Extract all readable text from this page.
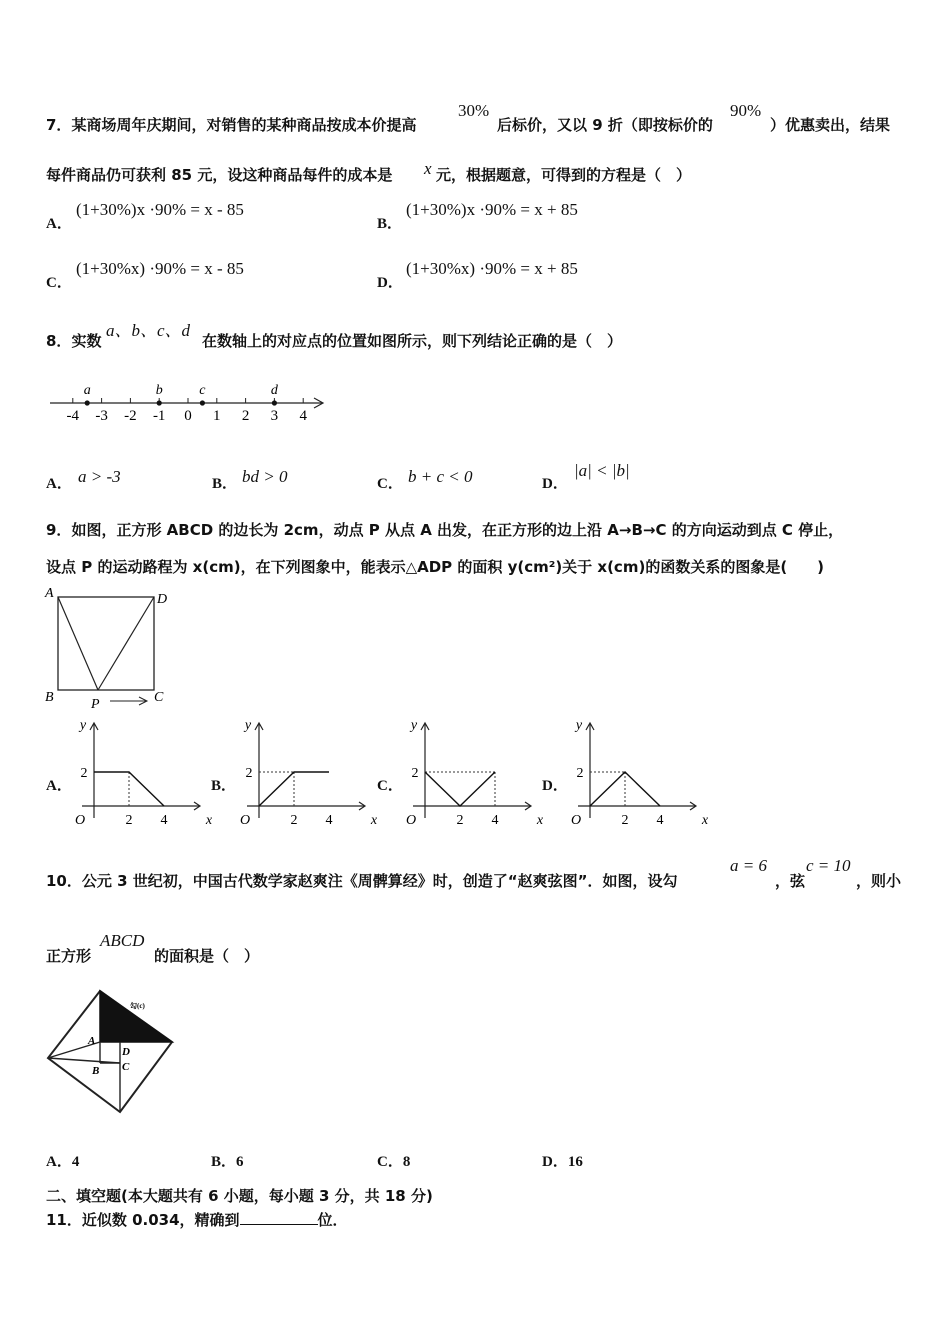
7．某商场周年庆期间，对销售的某种商品按成本价提高
30%
后标价，又以 9 折（即按标价的
90%
）优惠卖出，结果
每件商品仍可获利 85 元，设这种商品每件的成本是 x 元，根据题意，可得到的方程是（　）
A．
(1+30%)x ·90% = x - 85
B．
(1+30%)x ·90% = x + 85
C．
(1+30%x) ·90% = x - 85
D．
(1+30%x) ·90% = x + 85
8．实数
a、b、c、d
在数轴上的对应点的位置如图所示，则下列结论正确的是（　）
-4 -3 -2 -1 0 1 2 3 4
a	b	c	d
A． a > -3	B． bd > 0	C． b + c < 0	D．
|a| < |b|
9．如图，正方形 ABCD 的边长为 2cm，动点 P 从点 A 出发，在正方形的边上沿 A→B→C 的方向运动到点 C 停止，
设点 P 的运动路程为 x(cm)，在下列图象中，能表示△ADP 的面积 y(cm²)关于 x(cm)的函数关系的图象是(　　)
A
B	C
D
P
y
O
2
2 4	x
y
O
2
2 4	x
y
O
2
2 4	x
y
O
2
2 4	x
A．	B．	C．	D．
10．公元 3 世纪初，中国古代数学家赵爽注《周髀算经》时，创造了“赵爽弦图”．如图，设勾
a = 6
，弦
c = 10
，则小
正方形
ABCD
的面积是（　）
勾(c)
A
D
B C
A．4	B．6	C．8	D．16
二、填空题(本大题共有 6 小题，每小题 3 分，共 18 分)
11．近似数 0.034，精确到	位．
